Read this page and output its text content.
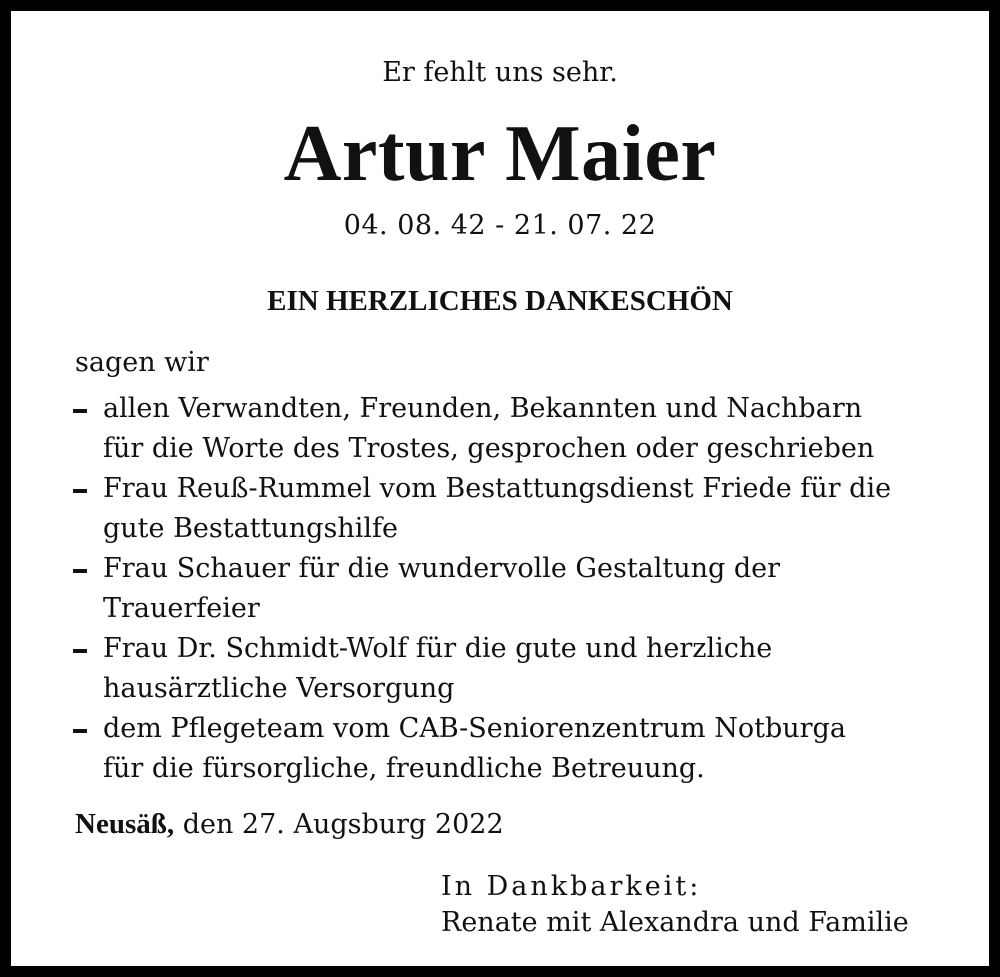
Er fehlt uns sehr.
Artur Maier
04. 08. 42 - 21. 07. 22
EIN HERZLICHES DANKESCHÖN
sagen wir
allen Verwandten, Freunden, Bekannten und Nachbarn
für die Worte des Trostes, gesprochen oder geschrieben
Frau Reuß-Rummel vom Bestattungsdienst Friede für die
gute Bestattungshilfe
Frau Schauer für die wundervolle Gestaltung der
Trauerfeier
Frau Dr. Schmidt-Wolf für die gute und herzliche
hausärztliche Versorgung
dem Pflegeteam vom CAB-Seniorenzentrum Notburga
für die fürsorgliche, freundliche Betreuung.
Neusäß, den 27. Augsburg 2022
In Dankbarkeit:
Renate mit Alexandra und Familie
